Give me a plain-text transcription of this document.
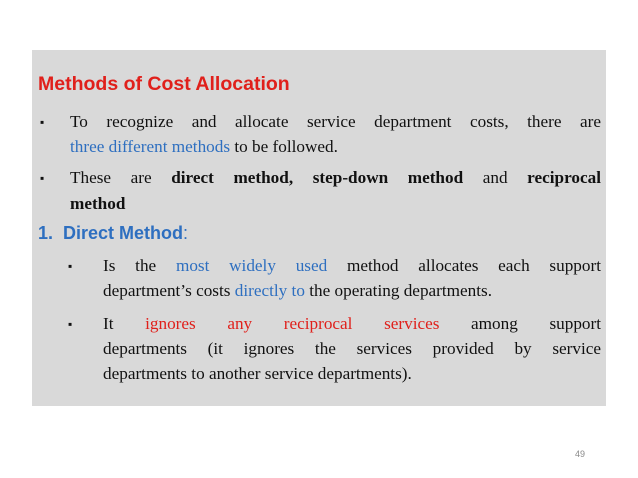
Methods of Cost Allocation
▪ To recognize and allocate service department costs, there are
three different methods to be followed.
▪ These are direct method, step-down method and reciprocal
method
1. Direct Method:
▪ Is the most widely used method allocates each support
department’s costs directly to the operating departments.
▪ It ignores any reciprocal services among support
departments (it ignores the services provided by service
departments to another service departments).
49
